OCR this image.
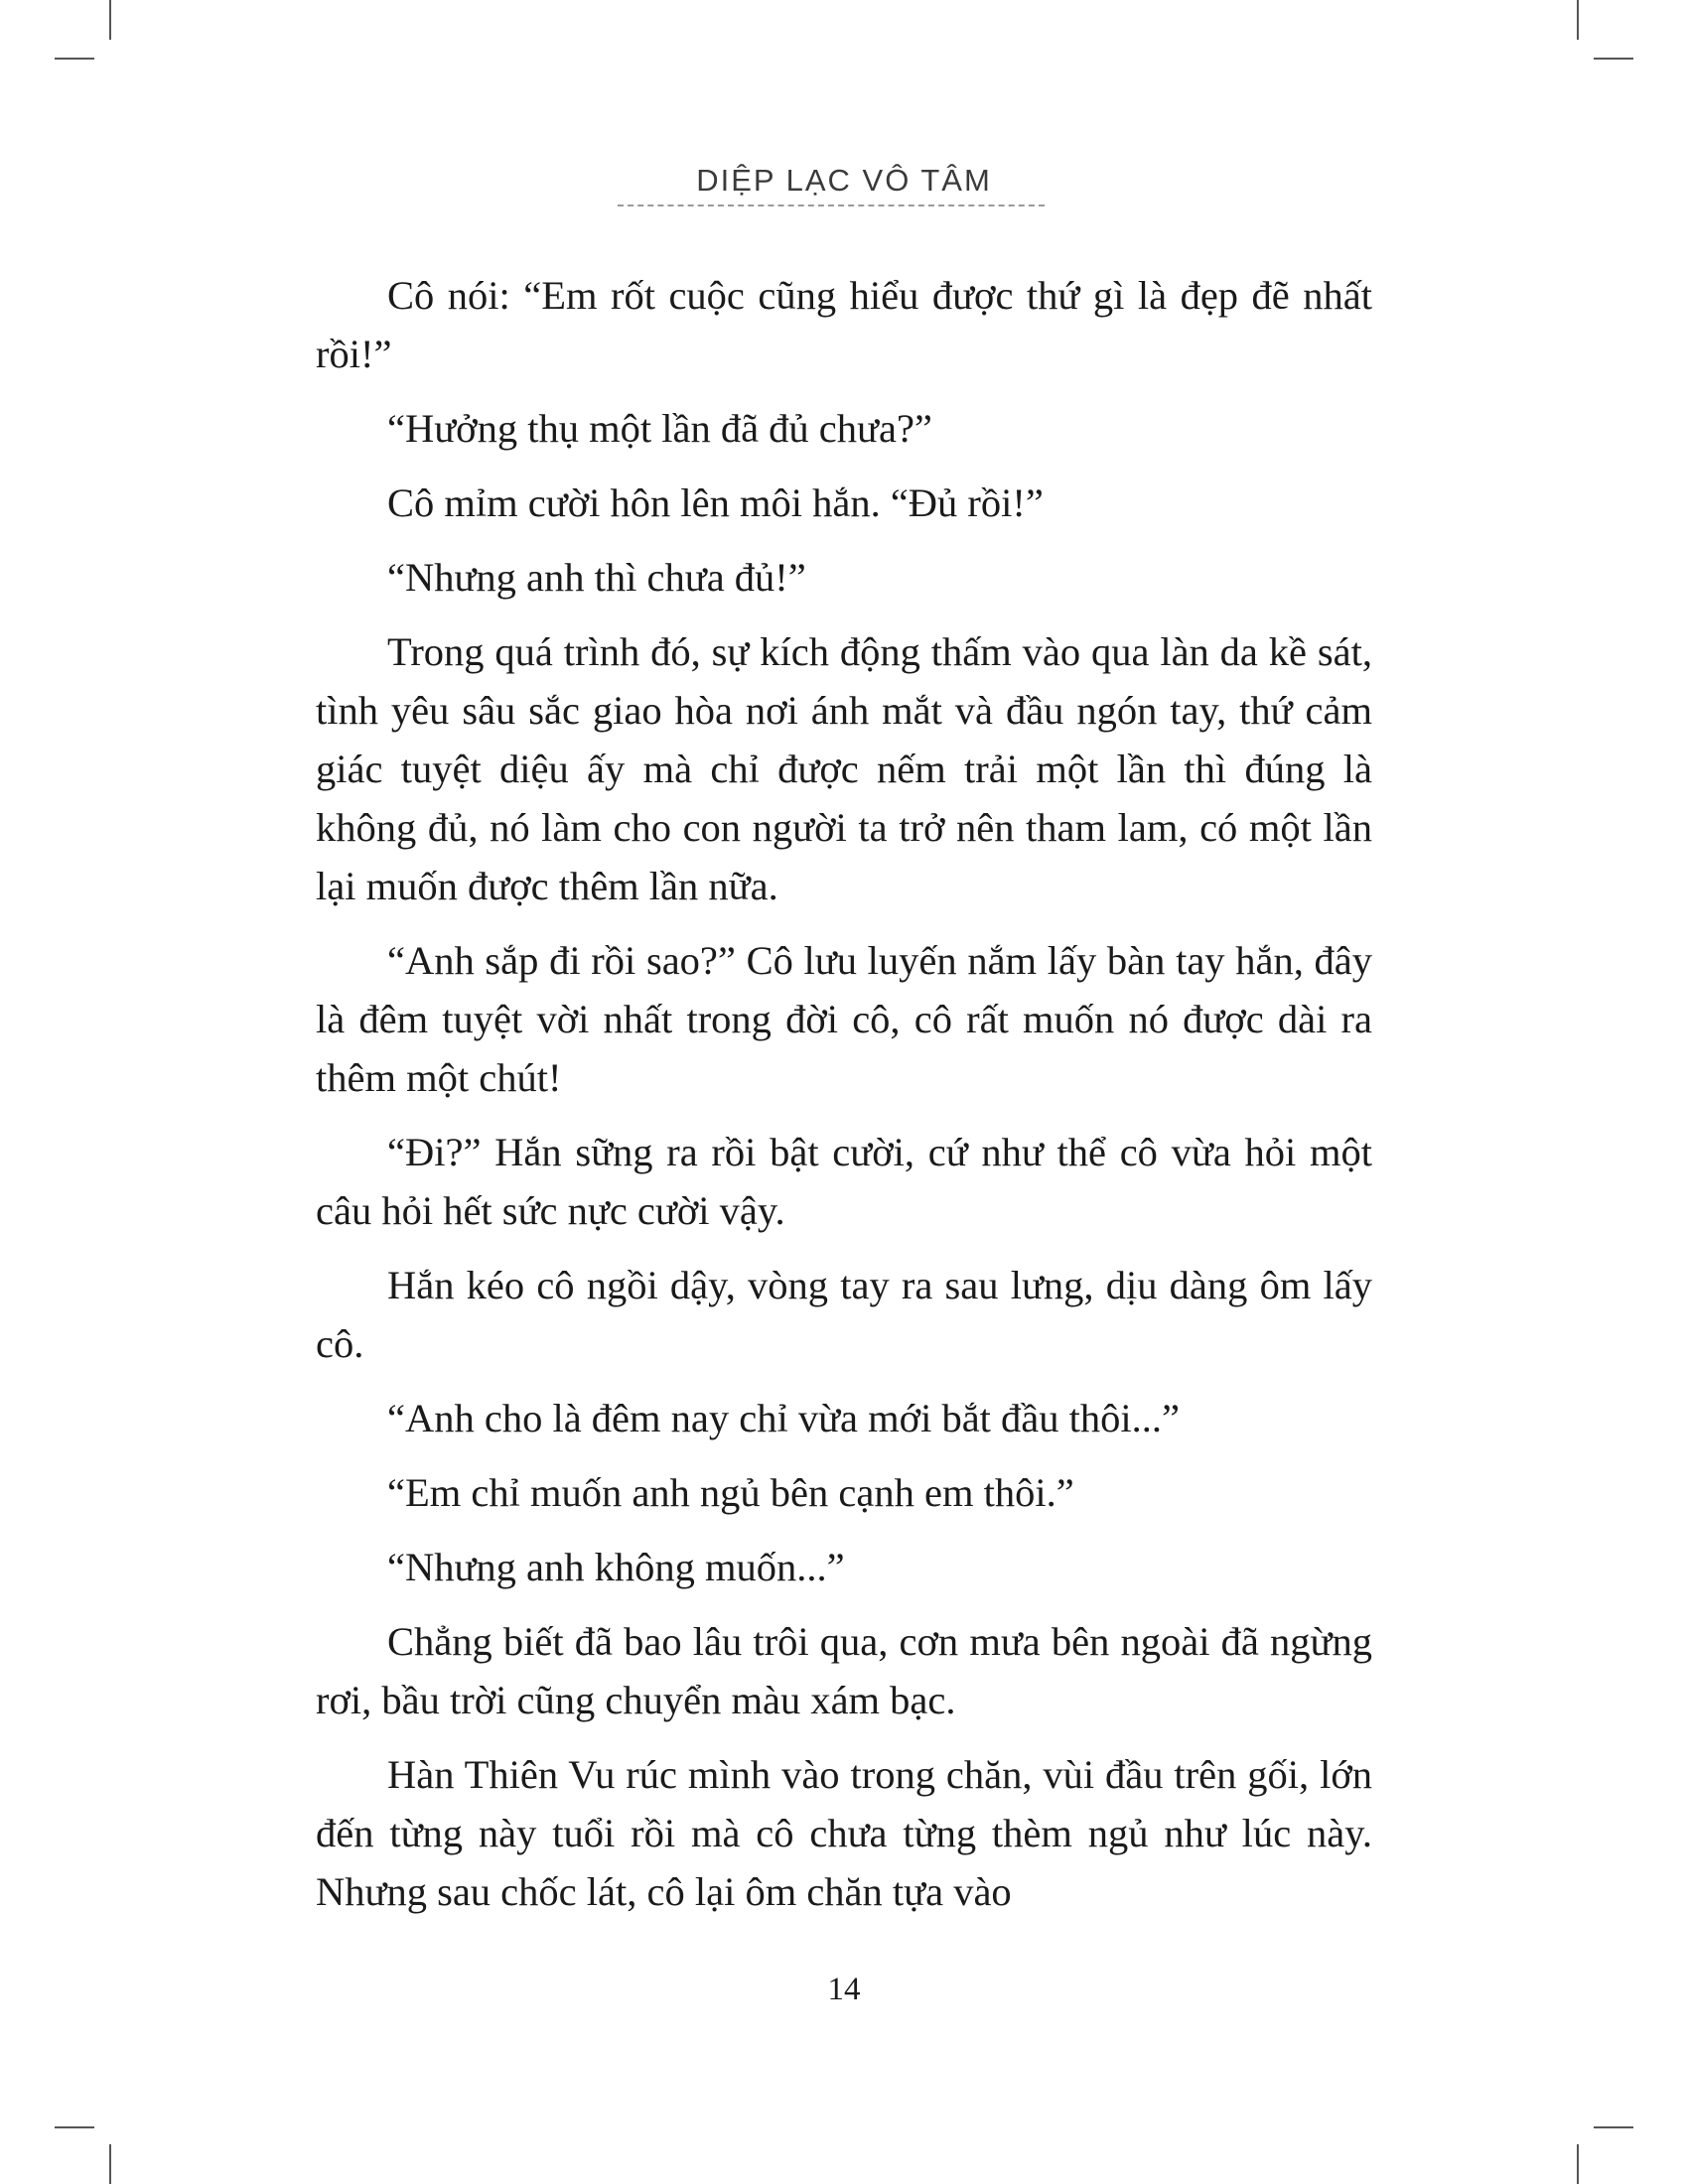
DIỆP LẠC VÔ TÂM

Cô nói: “Em rốt cuộc cũng hiểu được thứ gì là đẹp đẽ nhất rồi!”

“Hưởng thụ một lần đã đủ chưa?”

Cô mỉm cười hôn lên môi hắn. “Đủ rồi!”

“Nhưng anh thì chưa đủ!”

Trong quá trình đó, sự kích động thấm vào qua làn da kề sát, tình yêu sâu sắc giao hòa nơi ánh mắt và đầu ngón tay, thứ cảm giác tuyệt diệu ấy mà chỉ được nếm trải một lần thì đúng là không đủ, nó làm cho con người ta trở nên tham lam, có một lần lại muốn được thêm lần nữa.

“Anh sắp đi rồi sao?” Cô lưu luyến nắm lấy bàn tay hắn, đây là đêm tuyệt vời nhất trong đời cô, cô rất muốn nó được dài ra thêm một chút!

“Đi?” Hắn sững ra rồi bật cười, cứ như thể cô vừa hỏi một câu hỏi hết sức nực cười vậy.

Hắn kéo cô ngồi dậy, vòng tay ra sau lưng, dịu dàng ôm lấy cô.

“Anh cho là đêm nay chỉ vừa mới bắt đầu thôi...”

“Em chỉ muốn anh ngủ bên cạnh em thôi.”

“Nhưng anh không muốn...”

Chẳng biết đã bao lâu trôi qua, cơn mưa bên ngoài đã ngừng rơi, bầu trời cũng chuyển màu xám bạc.

Hàn Thiên Vu rúc mình vào trong chăn, vùi đầu trên gối, lớn đến từng này tuổi rồi mà cô chưa từng thèm ngủ như lúc này. Nhưng sau chốc lát, cô lại ôm chăn tựa vào

14
